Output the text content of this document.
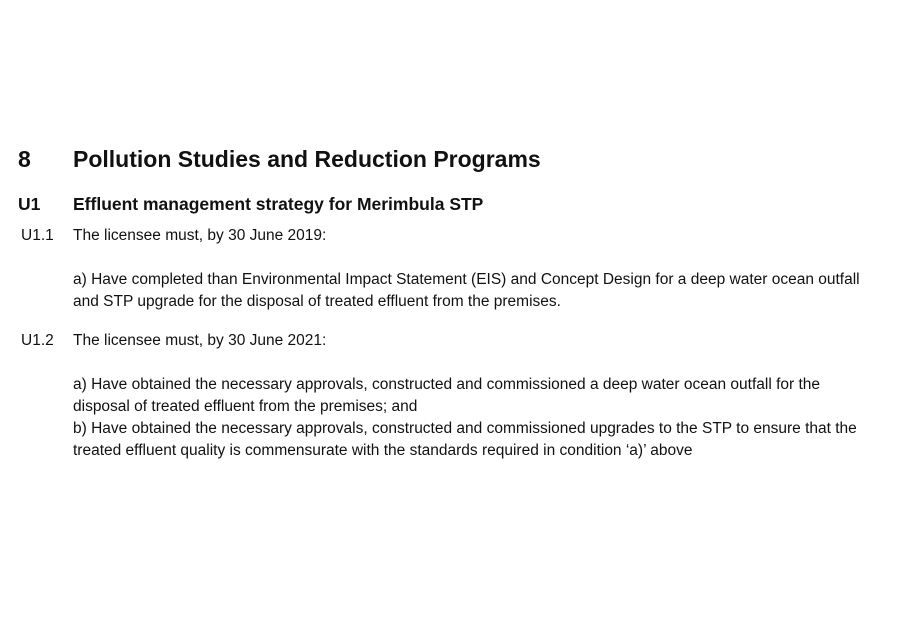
8	Pollution Studies and Reduction Programs
U1	Effluent management strategy for Merimbula STP
U1.1	The licensee must, by 30 June 2019:

a) Have completed than Environmental Impact Statement (EIS) and Concept Design for a deep water ocean outfall and STP upgrade for the disposal of treated effluent from the premises.

U1.2	The licensee must, by 30 June 2021:

a) Have obtained the necessary approvals, constructed and commissioned a deep water ocean outfall for the disposal of treated effluent from the premises; and

b) Have obtained the necessary approvals, constructed and commissioned upgrades to the STP to ensure that the treated effluent quality is commensurate with the standards required in condition ‘a)’ above
